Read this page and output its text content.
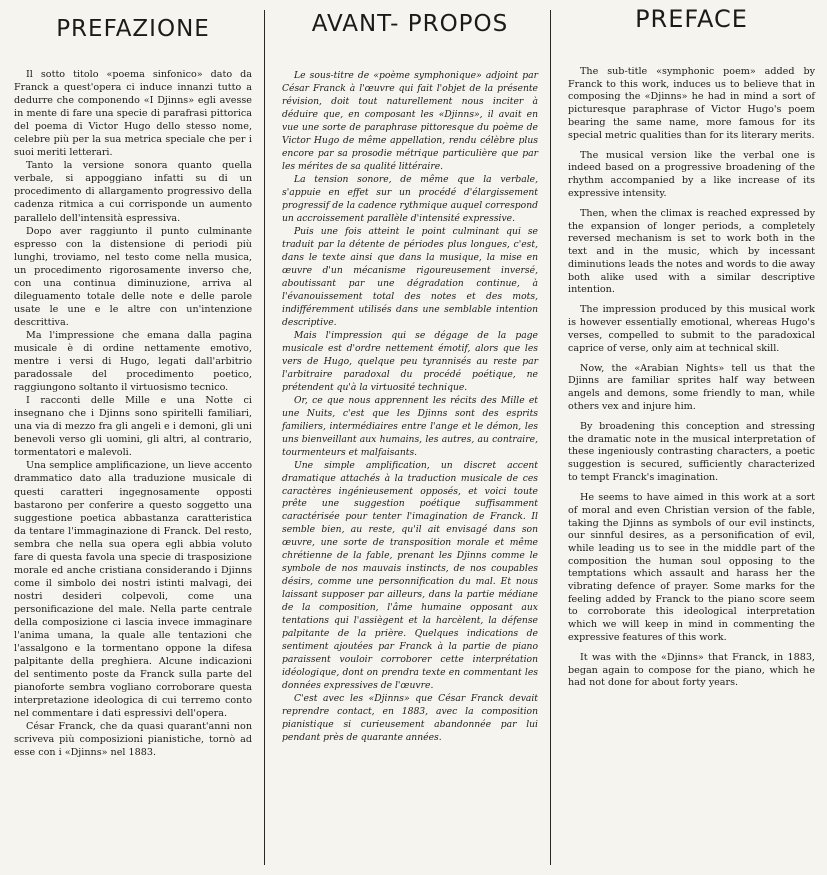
PREFAZIONE

Il sotto titolo «poema sinfonico» dato da Franck a quest'opera ci induce innanzi tutto a dedurre che componendo «I Djinns» egli avesse in mente di fare una specie di parafrasi pittorica del poema di Victor Hugo dello stesso nome, celebre più per la sua metrica speciale che per i suoi meriti letterari.

Tanto la versione sonora quanto quella verbale, si appoggiano infatti su di un procedimento di allargamento progressivo della cadenza ritmica a cui corrisponde un aumento parallelo dell'intensità espressiva.

Dopo aver raggiunto il punto culminante espresso con la distensione di periodi più lunghi, troviamo, nel testo come nella musica, un procedimento rigorosamente inverso che, con una continua diminuzione, arriva al dileguamento totale delle note e delle parole usate le une e le altre con un'intenzione descrittiva.

Ma l'impressione che emana dalla pagina musicale è di ordine nettamente emotivo, mentre i versi di Hugo, legati dall'arbitrio paradossale del procedimento poetico, raggiungono soltanto il virtuosismo tecnico.

I racconti delle Mille e una Notte ci insegnano che i Djinns sono spiritelli familiari, una via di mezzo fra gli angeli e i demoni, gli uni benevoli verso gli uomini, gli altri, al contrario, tormentatori e malevoli.

Una semplice amplificazione, un lieve accento drammatico dato alla traduzione musicale di questi caratteri ingegnosamente opposti bastarono per conferire a questo soggetto una suggestione poetica abbastanza caratteristica da tentare l'immaginazione di Franck. Del resto, sembra che nella sua opera egli abbia voluto fare di questa favola una specie di trasposizione morale ed anche cristiana considerando i Djinns come il simbolo dei nostri istinti malvagi, dei nostri desideri colpevoli, come una personificazione del male. Nella parte centrale della composizione ci lascia invece immaginare l'anima umana, la quale alle tentazioni che l'assalgono e la tormentano oppone la difesa palpitante della preghiera. Alcune indicazioni del sentimento poste da Franck sulla parte del pianoforte sembra vogliano corroborare questa interpretazione ideologica di cui terremo conto nel commentare i dati espressivi dell'opera.

César Franck, che da quasi quarant'anni non scriveva più composizioni pianistiche, tornò ad esse con i «Djinns» nel 1883.

AVANT- PROPOS

Le sous-titre de «poème symphonique» adjoint par César Franck à l'œuvre qui fait l'objet de la présente révision, doit tout naturellement nous inciter à déduire que, en composant les «Djinns», il avait en vue une sorte de paraphrase pittoresque du poème de Victor Hugo de même appellation, rendu célèbre plus encore par sa prosodie métrique particulière que par les mérites de sa qualité littéraire.

La tension sonore, de même que la verbale, s'appuie en effet sur un procédé d'élargissement progressif de la cadence rythmique auquel correspond un accroissement parallèle d'intensité expressive.

Puis une fois atteint le point culminant qui se traduit par la détente de périodes plus longues, c'est, dans le texte ainsi que dans la musique, la mise en œuvre d'un mécanisme rigoureusement inversé, aboutissant par une dégradation continue, à l'évanouissement total des notes et des mots, indifféremment utilisés dans une semblable intention descriptive.

Mais l'impression qui se dégage de la page musicale est d'ordre nettement émotif, alors que les vers de Hugo, quelque peu tyrannisés au reste par l'arbitraire paradoxal du procédé poétique, ne prétendent qu'à la virtuosité technique.

Or, ce que nous apprennent les récits des Mille et une Nuits, c'est que les Djinns sont des esprits familiers, intermédiaires entre l'ange et le démon, les uns bienveillant aux humains, les autres, au contraire, tourmenteurs et malfaisants.

Une simple amplification, un discret accent dramatique attachés à la traduction musicale de ces caractères ingénieusement opposés, et voici toute prête une suggestion poétique suffisamment caractérisée pour tenter l'imagination de Franck. Il semble bien, au reste, qu'il ait envisagé dans son œuvre, une sorte de transposition morale et même chrétienne de la fable, prenant les Djinns comme le symbole de nos mauvais instincts, de nos coupables désirs, comme une personnification du mal. Et nous laissant supposer par ailleurs, dans la partie médiane de la composition, l'âme humaine opposant aux tentations qui l'assiègent et la harcèlent, la défense palpitante de la prière. Quelques indications de sentiment ajoutées par Franck à la partie de piano paraissent vouloir corroborer cette interprétation idéologique, dont on prendra texte en commentant les données expressives de l'œuvre.

C'est avec les «Djinns» que César Franck devait reprendre contact, en 1883, avec la composition pianistique si curieusement abandonnée par lui pendant près de quarante années.

PREFACE

The sub-title «symphonic poem» added by Franck to this work, induces us to believe that in composing the «Djinns» he had in mind a sort of picturesque paraphrase of Victor Hugo's poem bearing the same name, more famous for its special metric qualities than for its literary merits.

The musical version like the verbal one is indeed based on a progressive broadening of the rhythm accompanied by a like increase of its expressive intensity.

Then, when the climax is reached expressed by the expansion of longer periods, a completely reversed mechanism is set to work both in the text and in the music, which by incessant diminutions leads the notes and words to die away both alike used with a similar descriptive intention.

The impression produced by this musical work is however essentially emotional, whereas Hugo's verses, compelled to submit to the paradoxical caprice of verse, only aim at technical skill.

Now, the «Arabian Nights» tell us that the Djinns are familiar sprites half way between angels and demons, some friendly to man, while others vex and injure him.

By broadening this conception and stressing the dramatic note in the musical interpretation of these ingeniously contrasting characters, a poetic suggestion is secured, sufficiently characterized to tempt Franck's imagination.

He seems to have aimed in this work at a sort of moral and even Christian version of the fable, taking the Djinns as symbols of our evil instincts, our sinnful desires, as a personification of evil, while leading us to see in the middle part of the composition the human soul opposing to the temptations which assault and harass her the vibrating defence of prayer. Some marks for the feeling added by Franck to the piano score seem to corroborate this ideological interpretation which we will keep in mind in commenting the expressive features of this work.

It was with the «Djinns» that Franck, in 1883, began again to compose for the piano, which he had not done for about forty years.
